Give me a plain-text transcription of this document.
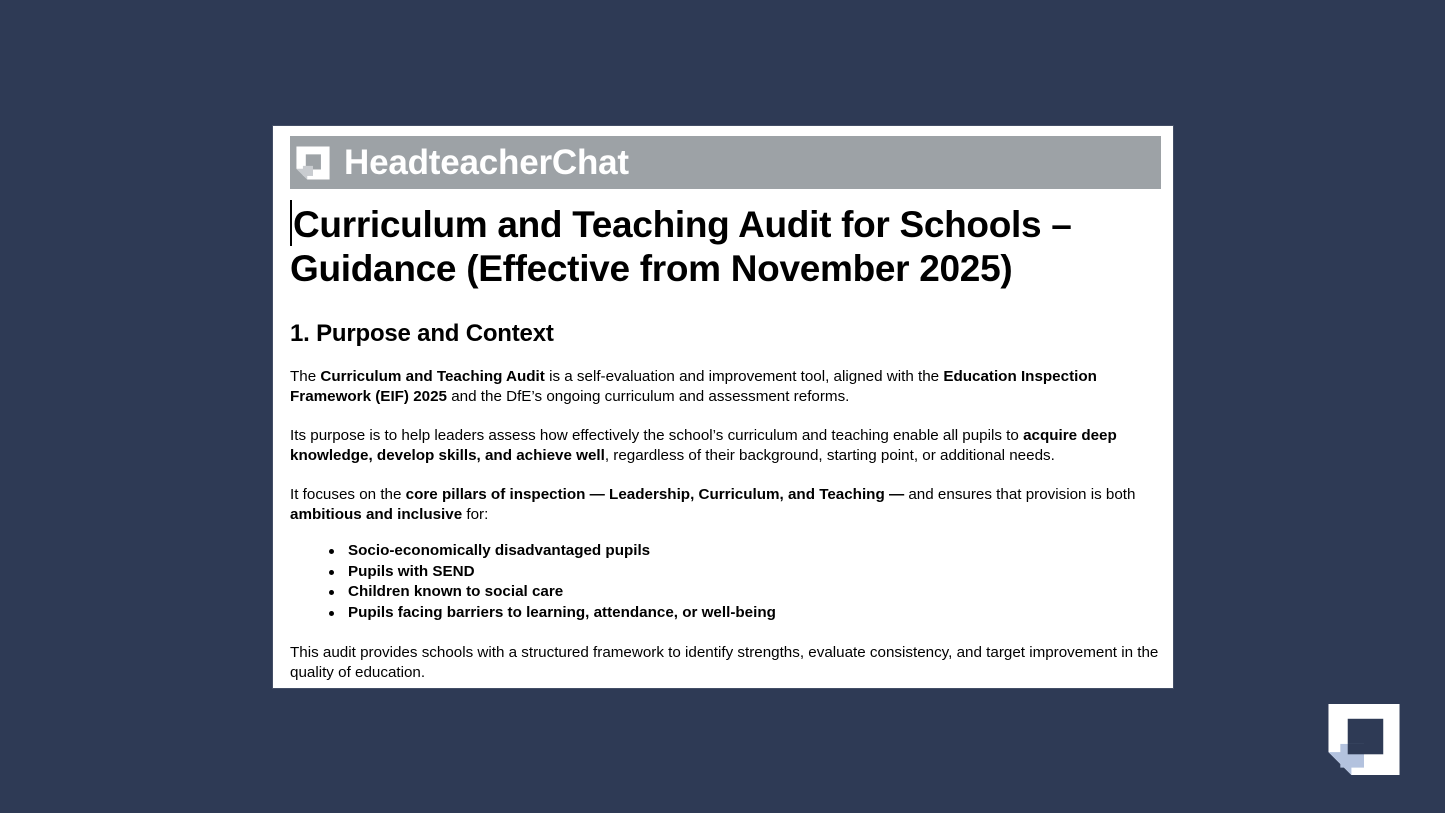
HeadteacherChat
Curriculum and Teaching Audit for Schools – Guidance (Effective from November 2025)
1. Purpose and Context

The Curriculum and Teaching Audit is a self-evaluation and improvement tool, aligned with the Education Inspection Framework (EIF) 2025 and the DfE’s ongoing curriculum and assessment reforms.

Its purpose is to help leaders assess how effectively the school’s curriculum and teaching enable all pupils to acquire deep knowledge, develop skills, and achieve well, regardless of their background, starting point, or additional needs.

It focuses on the core pillars of inspection — Leadership, Curriculum, and Teaching — and ensures that provision is both ambitious and inclusive for:

Socio-economically disadvantaged pupils
Pupils with SEND
Children known to social care
Pupils facing barriers to learning, attendance, or well-being

This audit provides schools with a structured framework to identify strengths, evaluate consistency, and target improvement in the quality of education.
